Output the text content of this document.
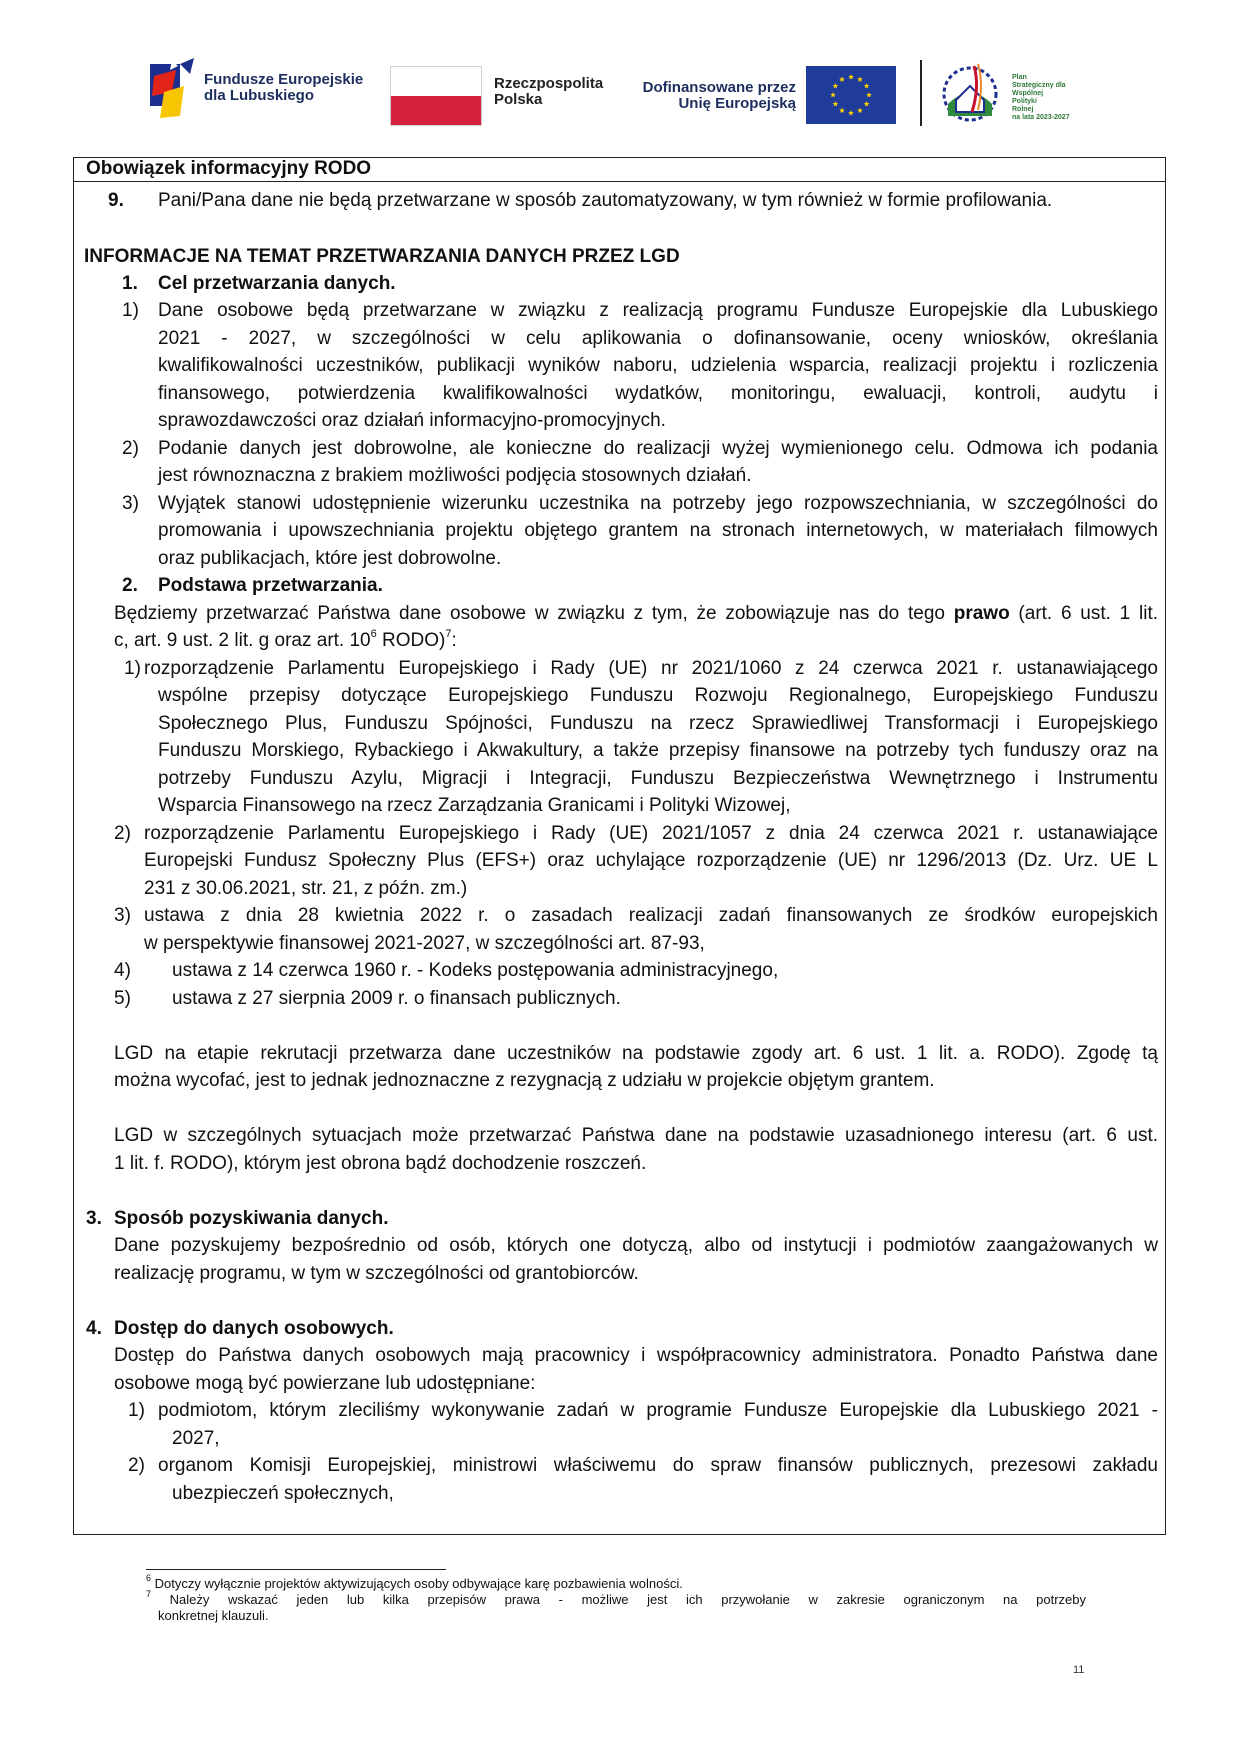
Fundusze Europejskie
dla Lubuskiego
Rzeczpospolita
Polska
Dofinansowane przez
Unię Europejską
Plan
Strategiczny dla
Wspólnej
Polityki
Rolnej
na lata 2023-2027
Obowiązek informacyjny RODO
9. Pani/Pana dane nie będą przetwarzane w sposób zautomatyzowany, w tym również w formie profilowania.
INFORMACJE NA TEMAT PRZETWARZANIA DANYCH PRZEZ LGD
1. Cel przetwarzania danych.
1) Dane osobowe będą przetwarzane w związku z realizacją programu Fundusze Europejskie dla Lubuskiego
2021 - 2027, w szczególności w celu aplikowania o dofinansowanie, oceny wniosków, określania
kwalifikowalności uczestników, publikacji wyników naboru, udzielenia wsparcia, realizacji projektu i rozliczenia
finansowego, potwierdzenia kwalifikowalności wydatków, monitoringu, ewaluacji, kontroli, audytu i
sprawozdawczości oraz działań informacyjno-promocyjnych.
2) Podanie danych jest dobrowolne, ale konieczne do realizacji wyżej wymienionego celu. Odmowa ich podania
jest równoznaczna z brakiem możliwości podjęcia stosownych działań.
3) Wyjątek stanowi udostępnienie wizerunku uczestnika na potrzeby jego rozpowszechniania, w szczególności do
promowania i upowszechniania projektu objętego grantem na stronach internetowych, w materiałach filmowych
oraz publikacjach, które jest dobrowolne.
2. Podstawa przetwarzania.
Będziemy przetwarzać Państwa dane osobowe w związku z tym, że zobowiązuje nas do tego prawo (art. 6 ust. 1 lit.
c, art. 9 ust. 2 lit. g oraz art. $10^6$ RODO)$^7$:
1) rozporządzenie Parlamentu Europejskiego i Rady (UE) nr 2021/1060 z 24 czerwca 2021 r. ustanawiającego
wspólne przepisy dotyczące Europejskiego Funduszu Rozwoju Regionalnego, Europejskiego Funduszu
Społecznego Plus, Funduszu Spójności, Funduszu na rzecz Sprawiedliwej Transformacji i Europejskiego
Funduszu Morskiego, Rybackiego i Akwakultury, a także przepisy finansowe na potrzeby tych funduszy oraz na
potrzeby Funduszu Azylu, Migracji i Integracji, Funduszu Bezpieczeństwa Wewnętrznego i Instrumentu
Wsparcia Finansowego na rzecz Zarządzania Granicami i Polityki Wizowej,
2) rozporządzenie Parlamentu Europejskiego i Rady (UE) 2021/1057 z dnia 24 czerwca 2021 r. ustanawiające
Europejski Fundusz Społeczny Plus (EFS+) oraz uchylające rozporządzenie (UE) nr 1296/2013 (Dz. Urz. UE L
231 z 30.06.2021, str. 21, z późn. zm.)
3) ustawa z dnia 28 kwietnia 2022 r. o zasadach realizacji zadań finansowanych ze środków europejskich
w perspektywie finansowej 2021-2027, w szczególności art. 87-93,
4) ustawa z 14 czerwca 1960 r. - Kodeks postępowania administracyjnego,
5) ustawa z 27 sierpnia 2009 r. o finansach publicznych.
LGD na etapie rekrutacji przetwarza dane uczestników na podstawie zgody art. 6 ust. 1 lit. a. RODO). Zgodę tą
można wycofać, jest to jednak jednoznaczne z rezygnacją z udziału w projekcie objętym grantem.
LGD w szczególnych sytuacjach może przetwarzać Państwa dane na podstawie uzasadnionego interesu (art. 6 ust.
1 lit. f. RODO), którym jest obrona bądź dochodzenie roszczeń.
3. Sposób pozyskiwania danych.
Dane pozyskujemy bezpośrednio od osób, których one dotyczą, albo od instytucji i podmiotów zaangażowanych w
realizację programu, w tym w szczególności od grantobiorców.
4. Dostęp do danych osobowych.
Dostęp do Państwa danych osobowych mają pracownicy i współpracownicy administratora. Ponadto Państwa dane
osobowe mogą być powierzane lub udostępniane:
1) podmiotom, którym zleciliśmy wykonywanie zadań w programie Fundusze Europejskie dla Lubuskiego 2021 -
2027,
2) organom Komisji Europejskiej, ministrowi właściwemu do spraw finansów publicznych, prezesowi zakładu
ubezpieczeń społecznych,
$^6$ Dotyczy wyłącznie projektów aktywizujących osoby odbywające karę pozbawienia wolności.
$^7$ Należy wskazać jeden lub kilka przepisów prawa - możliwe jest ich przywołanie w zakresie ograniczonym na potrzeby
konkretnej klauzuli.
11
